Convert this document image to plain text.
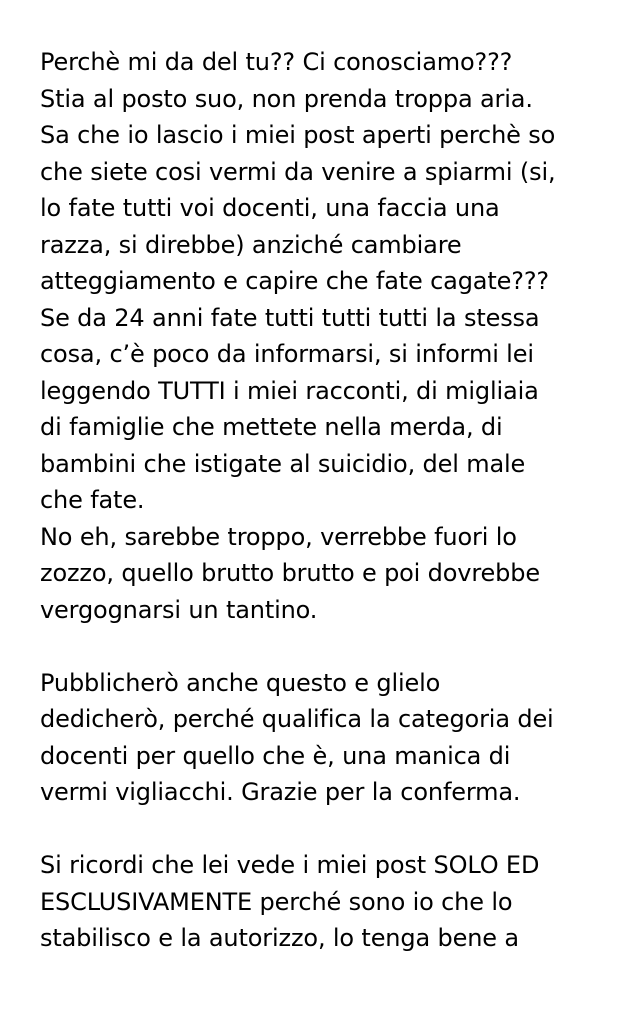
Perchè mi da del tu?? Ci conosciamo???
Stia al posto suo, non prenda troppa aria.
Sa che io lascio i miei post aperti perchè so
che siete cosi vermi da venire a spiarmi (si,
lo fate tutti voi docenti, una faccia una
razza, si direbbe) anziché cambiare
atteggiamento e capire che fate cagate???
Se da 24 anni fate tutti tutti tutti la stessa
cosa, c’è poco da informarsi, si informi lei
leggendo TUTTI i miei racconti, di migliaia
di famiglie che mettete nella merda, di
bambini che istigate al suicidio, del male
che fate.
No eh, sarebbe troppo, verrebbe fuori lo
zozzo, quello brutto brutto e poi dovrebbe
vergognarsi un tantino.
Pubblicherò anche questo e glielo
dedicherò, perché qualifica la categoria dei
docenti per quello che è, una manica di
vermi vigliacchi. Grazie per la conferma.
Si ricordi che lei vede i miei post SOLO ED
ESCLUSIVAMENTE perché sono io che lo
stabilisco e la autorizzo, lo tenga bene a
